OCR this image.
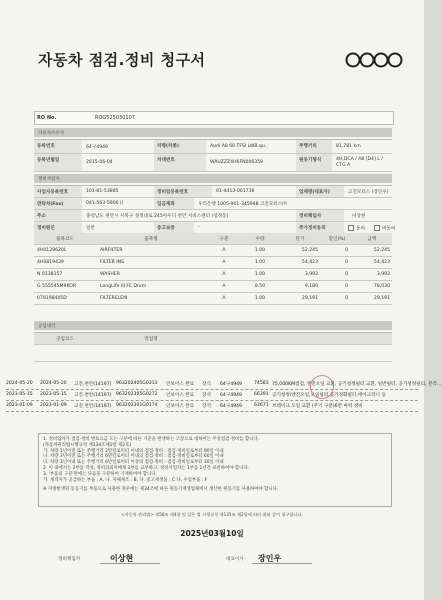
자동차 점검.정비 청구서
RO No.	ROG525030107
자동차소유자
등록번호	64구4949	차명(차종)	Audi A8 60 TFSI LWB qu..	주행거리	81,781 km
등록년월일	2015-06-04	차대번호	WAUZZZ4H6FN006359	원동기형식	4H,DCA / A8 [D4] L / CTG A
정비사업자
사업자등록번호	101-81-53885	정비업등록번호	01-4413-001736	업체명(대표자)	고진모터스 (장인우)
연락처(Fax)	041-563-5900 ()	입금계좌	우리은행 1005-901-345948 고진모터스㈜
주소	충청남도 천안시 서북구 성정대로 245아우디 천안 서비스센터 (성정동)	정비책임자	이상현
정비원인	일반	증고보증	-	추가정비동의	동의	비동의
품목코드	품목명	구분	수량	단가	할인(%)	금액
4H0129620L	AIRFILTER	A	1.00	52,245	0	52,245
4H0819439	FILTER INS	A	1.00	54,423	0	54,423
N 0138157	WASHER	A	1.00	3,992	0	3,992
G 555545M9KOR	LongLife III FE Drum	A	8.50	9,180	0	78,030
079198405D	FILTERELEM	A	1.00	29,191	0	29,191
공임내역
공임코드	작업명
2024-05-20	2024-05-20	고진.천안(14197) 963202405G0313	인보이스 완료	장식	64구4949	74583 75,000KM점검, 엔진오일 교환, 공기청정필터 교환, 일반필터, 공기청정필터, 분리...
2023-05-15	2023-05-15	고진.천안(14197) 963202305G0272	인보이스 완료	장석	64구4949	66391 공기청정/엔진오일,오일필터,공기정화필터,에어크리너 등
2023-01-09	2023-01-09	고진.천안(14197) 963202301G0174	인보이스 완료	장석	64구4949	63671 브레이크 오일 교환 (주기 구분)6만 마력 정비
1. 정비업자가 점검·정비 발표요금 도는 구분에 따른 기준을 발생하는 고장으로 대하여는 무상점검·정비를 합니다.
(자동차관리법시행규칙 제134조제1항 제2호)
가. 차량 1년이전 또는 주행거리 2만킬로미터 이내의 점검·정비 : 점검·정비일로부터 90일 이내
나. 차량 3년이전 또는 주행거리 6만킬로미터 이내의 점검·정비 : 점검·정비일로부터 60일 이내
다. 차량 3년이내 또는 주행거리 6만킬로미터 이상의 점검·정비 : 점검·정비일로부터 30일 이내
2. 이 내에서는 2부를 작성, 정비의뢰자에게 1부를 교부하고, 정비사업자는 1부를 1년간 보관하여야 합니다.
3. '부품의 구분'란에는 다음을 구분하여 기재하여야 합니다.
가. 제작자가 공급하는 부품 : A, 나. 자체제조 : B, 다. 중고재생품 : C 다, 수입부품 : F
※ 자방발생된 동동기를 부품으로 사용한 경우에는 제34조에 따른 원동기재생업체에서 생산한 원동기를 사용하여야 합니다.
<자동차 관리법> 제58조 제4항 및 같은 법 시행규칙 제135조 제2항에 따라 위와 같이 청구합니다.
2025년03월10일
정비책임자	이상현	대표이사 장인우
